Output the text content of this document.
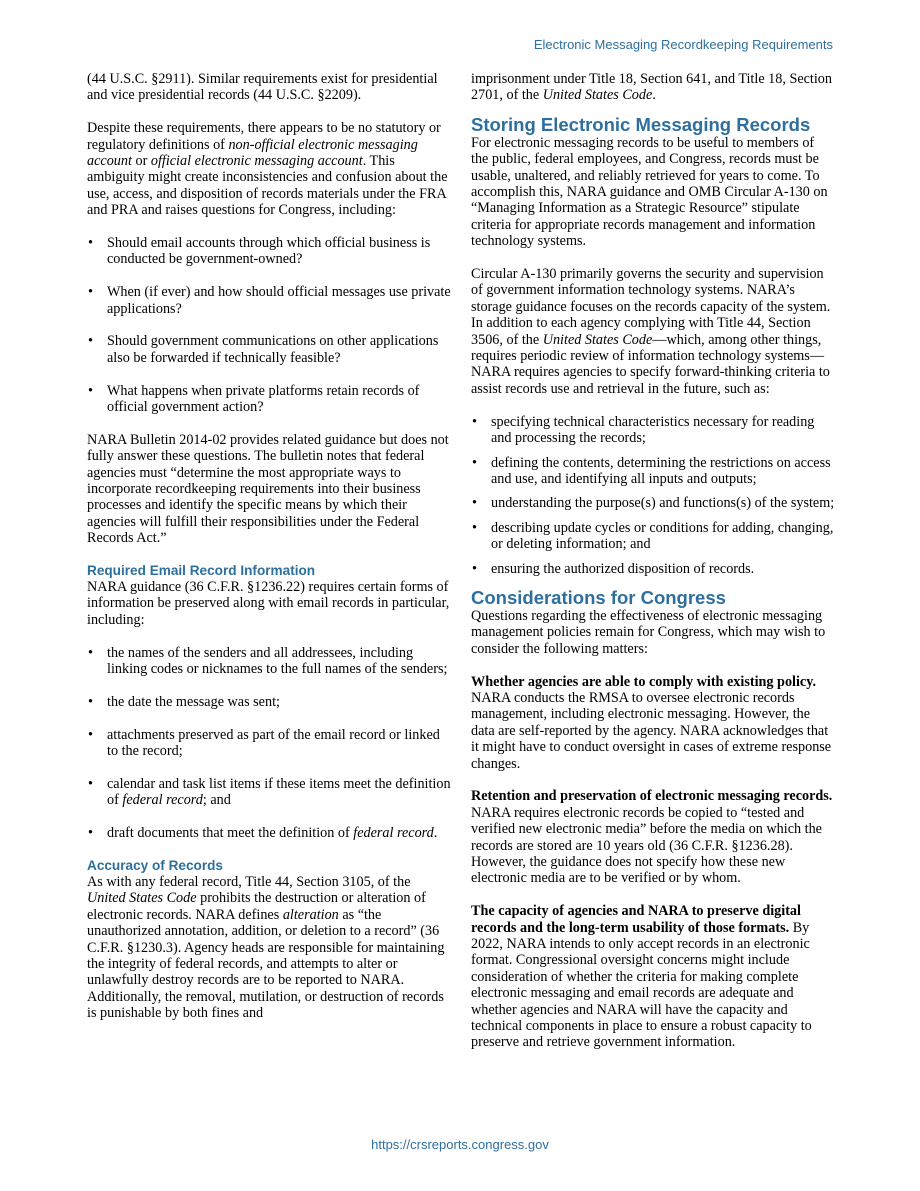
Electronic Messaging Recordkeeping Requirements

(44 U.S.C. §2911). Similar requirements exist for presidential and vice presidential records (44 U.S.C. §2209).

Despite these requirements, there appears to be no statutory or regulatory definitions of non-official electronic messaging account or official electronic messaging account. This ambiguity might create inconsistencies and confusion about the use, access, and disposition of records materials under the FRA and PRA and raises questions for Congress, including:

• Should email accounts through which official business is conducted be government-owned?
• When (if ever) and how should official messages use private applications?
• Should government communications on other applications also be forwarded if technically feasible?
• What happens when private platforms retain records of official government action?

NARA Bulletin 2014-02 provides related guidance but does not fully answer these questions. The bulletin notes that federal agencies must “determine the most appropriate ways to incorporate recordkeeping requirements into their business processes and identify the specific means by which their agencies will fulfill their responsibilities under the Federal Records Act.”

Required Email Record Information

NARA guidance (36 C.F.R. §1236.22) requires certain forms of information be preserved along with email records in particular, including:

• the names of the senders and all addressees, including linking codes or nicknames to the full names of the senders;
• the date the message was sent;
• attachments preserved as part of the email record or linked to the record;
• calendar and task list items if these items meet the definition of federal record; and
• draft documents that meet the definition of federal record.
Accuracy of Records

As with any federal record, Title 44, Section 3105, of the United States Code prohibits the destruction or alteration of electronic records. NARA defines alteration as “the unauthorized annotation, addition, or deletion to a record” (36 C.F.R. §1230.3). Agency heads are responsible for maintaining the integrity of federal records, and attempts to alter or unlawfully destroy records are to be reported to NARA. Additionally, the removal, mutilation, or destruction of records is punishable by both fines and

imprisonment under Title 18, Section 641, and Title 18, Section 2701, of the United States Code.

Storing Electronic Messaging Records

For electronic messaging records to be useful to members of the public, federal employees, and Congress, records must be usable, unaltered, and reliably retrieved for years to come. To accomplish this, NARA guidance and OMB Circular A-130 on “Managing Information as a Strategic Resource” stipulate criteria for appropriate records management and information technology systems.

Circular A-130 primarily governs the security and supervision of government information technology systems. NARA’s storage guidance focuses on the records capacity of the system. In addition to each agency complying with Title 44, Section 3506, of the United States Code—which, among other things, requires periodic review of information technology systems—NARA requires agencies to specify forward-thinking criteria to assist records use and retrieval in the future, such as:

• specifying technical characteristics necessary for reading and processing the records;
• defining the contents, determining the restrictions on access and use, and identifying all inputs and outputs;
• understanding the purpose(s) and functions(s) of the system;
• describing update cycles or conditions for adding, changing, or deleting information; and
• ensuring the authorized disposition of records.
Considerations for Congress

Questions regarding the effectiveness of electronic messaging management policies remain for Congress, which may wish to consider the following matters:

Whether agencies are able to comply with existing policy. NARA conducts the RMSA to oversee electronic records management, including electronic messaging. However, the data are self-reported by the agency. NARA acknowledges that it might have to conduct oversight in cases of extreme response changes.

Retention and preservation of electronic messaging records. NARA requires electronic records be copied to “tested and verified new electronic media” before the media on which the records are stored are 10 years old (36 C.F.R. §1236.28). However, the guidance does not specify how these new electronic media are to be verified or by whom.

The capacity of agencies and NARA to preserve digital records and the long-term usability of those formats. By 2022, NARA intends to only accept records in an electronic format. Congressional oversight concerns might include consideration of whether the criteria for making complete electronic messaging and email records are adequate and whether agencies and NARA will have the capacity and technical components in place to ensure a robust capacity to preserve and retrieve government information.

https://crsreports.congress.gov
